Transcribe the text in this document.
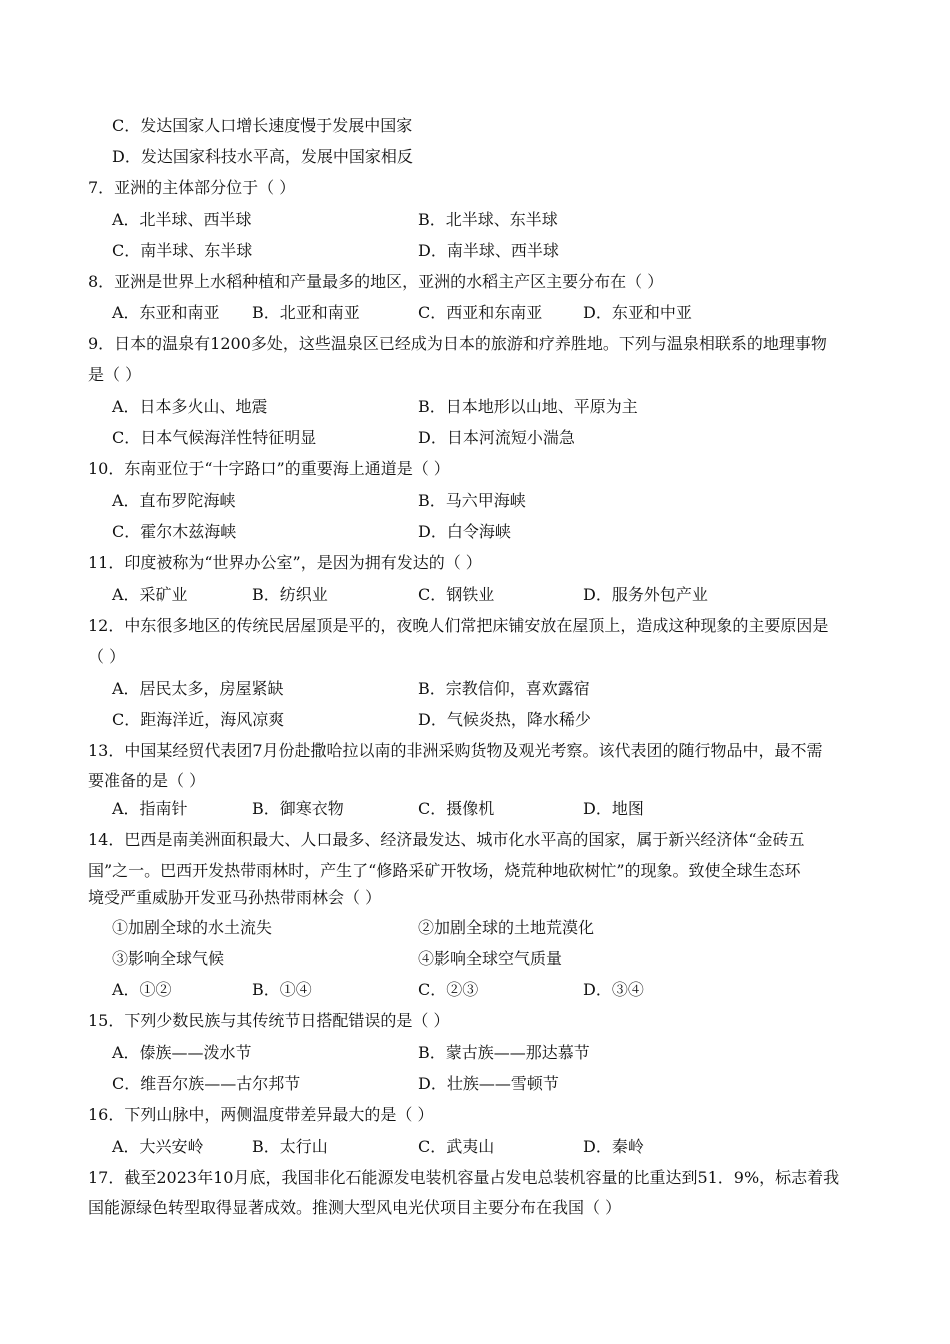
C．发达国家人口增长速度慢于发展中国家
D．发达国家科技水平高，发展中国家相反
7．亚洲的主体部分位于（ ）
A．北半球、西半球	B．北半球、东半球
C．南半球、东半球	D．南半球、西半球
8．亚洲是世界上水稻种植和产量最多的地区，亚洲的水稻主产区主要分布在（ ）
A．东亚和南亚 B．北亚和南亚	C．西亚和东南亚	D．东亚和中亚
9．日本的温泉有1200多处，这些温泉区已经成为日本的旅游和疗养胜地。下列与温泉相联系的地理事物
是（ ）
A．日本多火山、地震	B．日本地形以山地、平原为主
C．日本气候海洋性特征明显	D．日本河流短小湍急
10．东南亚位于“十字路口”的重要海上通道是（ ）
A．直布罗陀海峡	B．马六甲海峡
C．霍尔木兹海峡	D．白令海峡
11．印度被称为“世界办公室”，是因为拥有发达的（ ）
A．采矿业	B．纺织业	C．钢铁业	D．服务外包产业
12．中东很多地区的传统民居屋顶是平的，夜晚人们常把床铺安放在屋顶上，造成这种现象的主要原因是
（ ）
A．居民太多，房屋紧缺	B．宗教信仰，喜欢露宿
C．距海洋近，海风凉爽	D．气候炎热，降水稀少
13．中国某经贸代表团7月份赴撒哈拉以南的非洲采购货物及观光考察。该代表团的随行物品中，最不需
要准备的是（ ）
A．指南针	B．御寒衣物	C．摄像机	D．地图
14．巴西是南美洲面积最大、人口最多、经济最发达、城市化水平高的国家，属于新兴经济体“金砖五
国”之一。巴西开发热带雨林时，产生了“修路采矿开牧场，烧荒种地砍树忙”的现象。致使全球生态环
境受严重威胁开发亚马孙热带雨林会（ ）
①加剧全球的水土流失	②加剧全球的土地荒漠化
③影响全球气候	④影响全球空气质量
A．①②	B．①④	C．②③	D．③④
15．下列少数民族与其传统节日搭配错误的是（ ）
A．傣族——泼水节	B．蒙古族——那达慕节
C．维吾尔族——古尔邦节	D．壮族——雪顿节
16．下列山脉中，两侧温度带差异最大的是（ ）
A．大兴安岭	B．太行山	C．武夷山	D．秦岭
17．截至2023年10月底，我国非化石能源发电装机容量占发电总装机容量的比重达到51．9%，标志着我
国能源绿色转型取得显著成效。推测大型风电光伏项目主要分布在我国（ ）
